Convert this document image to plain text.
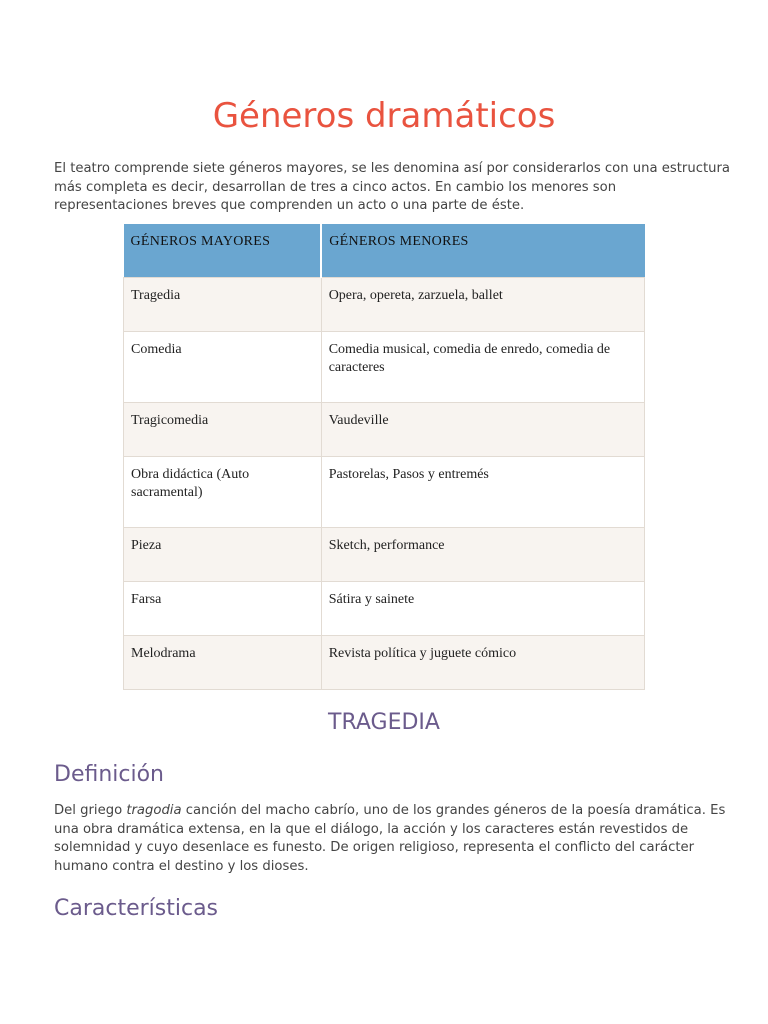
Géneros dramáticos

El teatro comprende siete géneros mayores, se les denomina así por considerarlos con una estructura más completa es decir, desarrollan de tres a cinco actos. En cambio los menores son representaciones breves que comprenden un acto o una parte de éste.

GÉNEROS MAYORES	GÉNEROS MENORES
Tragedia	Opera, opereta, zarzuela, ballet
Comedia	Comedia musical, comedia de enredo, comedia de caracteres
Tragicomedia	Vaudeville
Obra didáctica (Auto sacramental)	Pastorelas, Pasos y entremés
Pieza	Sketch, performance
Farsa	Sátira y sainete
Melodrama	Revista política y juguete cómico
TRAGEDIA
Definición

Del griego tragodia canción del macho cabrío, uno de los grandes géneros de la poesía dramática. Es una obra dramática extensa, en la que el diálogo, la acción y los caracteres están revestidos de solemnidad y cuyo desenlace es funesto. De origen religioso, representa el conflicto del carácter humano contra el destino y los dioses.

Características
